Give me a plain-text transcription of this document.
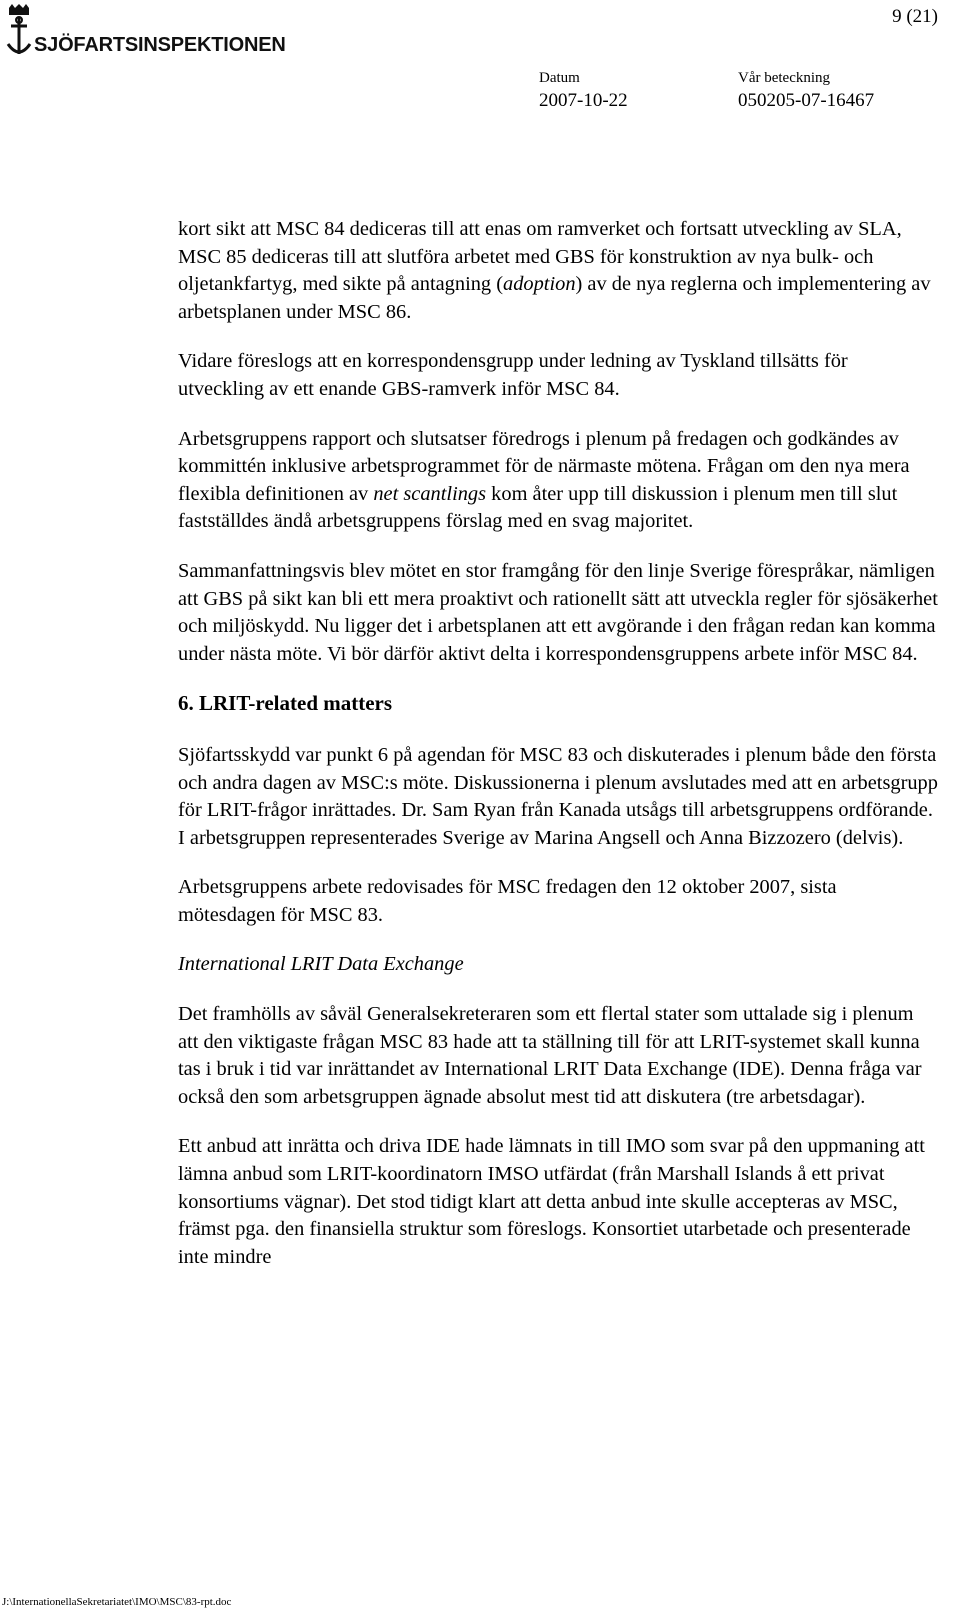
SJÖFARTSINSPEKTIONEN
9 (21)
Datum
2007-10-22
Vår beteckning
050205-07-16467

kort sikt att MSC 84 dediceras till att enas om ramverket och fortsatt utveckling av SLA, MSC 85 dediceras till att slutföra arbetet med GBS för konstruktion av nya bulk- och oljetankfartyg, med sikte på antagning (adoption) av de nya reglerna och implementering av arbetsplanen under MSC 86.

Vidare föreslogs att en korrespondensgrupp under ledning av Tyskland tillsätts för utveckling av ett enande GBS-ramverk inför MSC 84.

Arbetsgruppens rapport och slutsatser föredrogs i plenum på fredagen och godkändes av kommittén inklusive arbetsprogrammet för de närmaste mötena. Frågan om den nya mera flexibla definitionen av net scantlings kom åter upp till diskussion i plenum men till slut fastställdes ändå arbetsgruppens förslag med en svag majoritet.

Sammanfattningsvis blev mötet en stor framgång för den linje Sverige förespråkar, nämligen att GBS på sikt kan bli ett mera proaktivt och rationellt sätt att utveckla regler för sjösäkerhet och miljöskydd. Nu ligger det i arbetsplanen att ett avgörande i den frågan redan kan komma under nästa möte. Vi bör därför aktivt delta i korrespondensgruppens arbete inför MSC 84.

6. LRIT-related matters

Sjöfartsskydd var punkt 6 på agendan för MSC 83 och diskuterades i plenum både den första och andra dagen av MSC:s möte. Diskussionerna i plenum avslutades med att en arbetsgrupp för LRIT-frågor inrättades. Dr. Sam Ryan från Kanada utsågs till arbetsgruppens ordförande. I arbetsgruppen representerades Sverige av Marina Angsell och Anna Bizzozero (delvis).

Arbetsgruppens arbete redovisades för MSC fredagen den 12 oktober 2007, sista mötesdagen för MSC 83.

International LRIT Data Exchange

Det framhölls av såväl Generalsekreteraren som ett flertal stater som uttalade sig i plenum att den viktigaste frågan MSC 83 hade att ta ställning till för att LRIT-systemet skall kunna tas i bruk i tid var inrättandet av International LRIT Data Exchange (IDE). Denna fråga var också den som arbetsgruppen ägnade absolut mest tid att diskutera (tre arbetsdagar).

Ett anbud att inrätta och driva IDE hade lämnats in till IMO som svar på den uppmaning att lämna anbud som LRIT-koordinatorn IMSO utfärdat (från Marshall Islands å ett privat konsortiums vägnar). Det stod tidigt klart att detta anbud inte skulle accepteras av MSC, främst pga. den finansiella struktur som föreslogs. Konsortiet utarbetade och presenterade inte mindre

J:\InternationellaSekretariatet\IMO\MSC\83-rpt.doc
